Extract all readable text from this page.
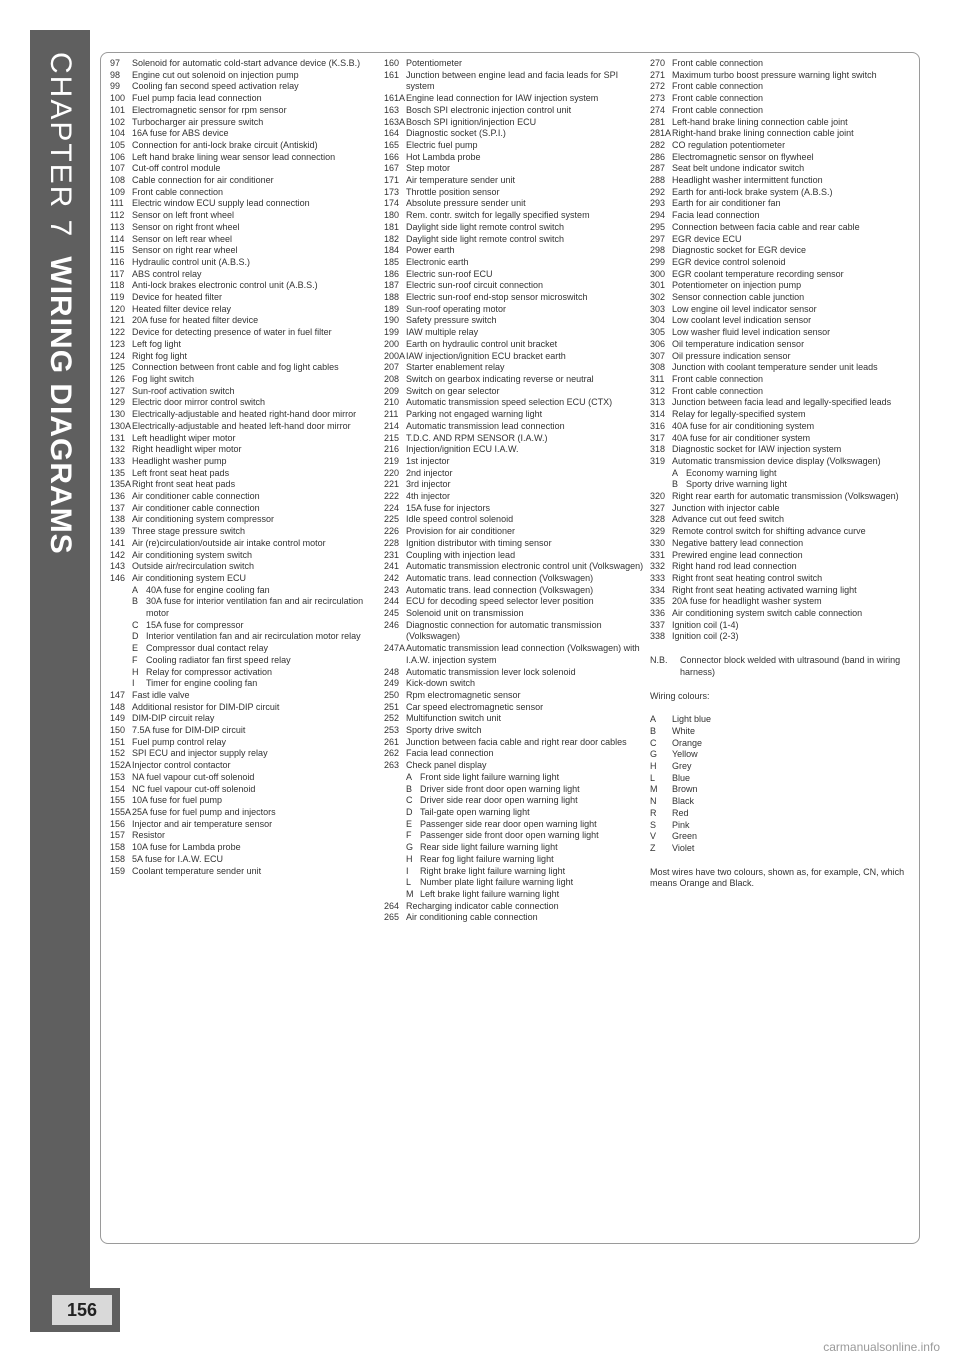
CHAPTER 7WIRING DIAGRAMS
97	Solenoid for automatic cold-start advance device (K.S.B.)
98	Engine cut out solenoid on injection pump
99	Cooling fan second speed activation relay
100 Fuel pump facia lead connection
101 Electromagnetic sensor for rpm sensor
102 Turbocharger air pressure switch
104 16A fuse for ABS device
105 Connection for anti-lock brake circuit (Antiskid)
106 Left hand brake lining wear sensor lead connection
107 Cut-off control module
108 Cable connection for air conditioner
109 Front cable connection
111 Electric window ECU supply lead connection
112 Sensor on left front wheel
113 Sensor on right front wheel
114 Sensor on left rear wheel
115 Sensor on right rear wheel
116 Hydraulic control unit (A.B.S.)
117 ABS control relay
118 Anti-lock brakes electronic control unit (A.B.S.)
119 Device for heated filter
120 Heated filter device relay
121 20A fuse for heated filter device
122 Device for detecting presence of water in fuel filter
123 Left fog light
124 Right fog light
125 Connection between front cable and fog light cables
126 Fog light switch
127 Sun-roof activation switch
129 Electric door mirror control switch
130 Electrically-adjustable and heated right-hand door mirror
130A Electrically-adjustable and heated left-hand door mirror
131 Left headlight wiper motor
132 Right headlight wiper motor
133 Headlight washer pump
135 Left front seat heat pads
135A Right front seat heat pads
136 Air conditioner cable connection
137 Air conditioner cable connection
138 Air conditioning system compressor
139 Three stage pressure switch
141 Air (re)circulation/outside air intake control motor
142 Air conditioning system switch
143 Outside air/recirculation switch
146 Air conditioning system ECU
A 40A fuse for engine cooling fan
B 30A fuse for interior ventilation fan and air recirculation motor
C 15A fuse for compressor
D Interior ventilation fan and air recirculation motor relay
E Compressor dual contact relay
F Cooling radiator fan first speed relay
H Relay for compressor activation
I	Timer for engine cooling fan
147 Fast idle valve
148 Additional resistor for DIM-DIP circuit
149 DIM-DIP circuit relay
150 7.5A fuse for DIM-DIP circuit
151 Fuel pump control relay
152 SPI ECU and injector supply relay
152A Injector control contactor
153 NA fuel vapour cut-off solenoid
154 NC fuel vapour cut-off solenoid
155 10A fuse for fuel pump
155A 25A fuse for fuel pump and injectors
156 Injector and air temperature sensor
157 Resistor
158 10A fuse for Lambda probe
158 5A fuse for I.A.W. ECU
159 Coolant temperature sender unit
160 Potentiometer
161 Junction between engine lead and facia leads for SPI system
161A Engine lead connection for IAW injection system
163 Bosch SPI electronic injection control unit
163A Bosch SPI ignition/injection ECU
164 Diagnostic socket (S.P.I.)
165 Electric fuel pump
166 Hot Lambda probe
167 Step motor
171 Air temperature sender unit
173 Throttle position sensor
174 Absolute pressure sender unit
180 Rem. contr. switch for legally specified system
181 Daylight side light remote control switch
182 Daylight side light remote control switch
184 Power earth
185 Electronic earth
186 Electric sun-roof ECU
187 Electric sun-roof circuit connection
188 Electric sun-roof end-stop sensor microswitch
189 Sun-roof operating motor
190 Safety pressure switch
199 IAW multiple relay
200 Earth on hydraulic control unit bracket
200A IAW injection/ignition ECU bracket earth
207 Starter enablement relay
208 Switch on gearbox indicating reverse or neutral
209 Switch on gear selector
210 Automatic transmission speed selection ECU (CTX)
211 Parking not engaged warning light
214 Automatic transmission lead connection
215 T.D.C. AND RPM SENSOR (I.A.W.)
216 Injection/ignition ECU I.A.W.
219 1st injector
220 2nd injector
221 3rd injector
222 4th injector
224 15A fuse for injectors
225 Idle speed control solenoid
226 Provision for air conditioner
228 Ignition distributor with timing sensor
231 Coupling with injection lead
241 Automatic transmission electronic control unit (Volkswagen)
242 Automatic trans. lead connection (Volkswagen)
243 Automatic trans. lead connection (Volkswagen)
244 ECU for decoding speed selector lever position
245 Solenoid unit on transmission
246 Diagnostic connection for automatic transmission (Volkswagen)
247A Automatic transmission lead connection (Volkswagen) with I.A.W. injection system
248 Automatic transmission lever lock solenoid
249 Kick-down switch
250 Rpm electromagnetic sensor
251 Car speed electromagnetic sensor
252 Multifunction switch unit
253 Sporty drive switch
261 Junction between facia cable and right rear door cables
262 Facia lead connection
263 Check panel display
A Front side light failure warning light
B Driver side front door open warning light
C Driver side rear door open warning light
D Tail-gate open warning light
E Passenger side rear door open warning light
F Passenger side front door open warning light
G Rear side light failure warning light
H Rear fog light failure warning light
I	Right brake light failure warning light
L Number plate light failure warning light
M Left brake light failure warning light
264 Recharging indicator cable connection
265 Air conditioning cable connection
270 Front cable connection
271 Maximum turbo boost pressure warning light switch
272 Front cable connection
273 Front cable connection
274 Front cable connection
281 Left-hand brake lining connection cable joint
281A Right-hand brake lining connection cable joint
282 CO regulation potentiometer
286 Electromagnetic sensor on flywheel
287 Seat belt undone indicator switch
288 Headlight washer intermittent function
292 Earth for anti-lock brake system (A.B.S.)
293 Earth for air conditioner fan
294 Facia lead connection
295 Connection between facia cable and rear cable
297 EGR device ECU
298 Diagnostic socket for EGR device
299 EGR device control solenoid
300 EGR coolant temperature recording sensor
301 Potentiometer on injection pump
302 Sensor connection cable junction
303 Low engine oil level indicator sensor
304 Low coolant level indication sensor
305 Low washer fluid level indication sensor
306 Oil temperature indication sensor
307 Oil pressure indication sensor
308 Junction with coolant temperature sender unit leads
311 Front cable connection
312 Front cable connection
313 Junction between facia lead and legally-specified leads
314 Relay for legally-specified system
316 40A fuse for air conditioning system
317 40A fuse for air conditioner system
318 Diagnostic socket for IAW injection system
319 Automatic transmission device display (Volkswagen)
A Economy warning light
B Sporty drive warning light
320 Right rear earth for automatic transmission (Volkswagen)
327 Junction with injector cable
328 Advance cut out feed switch
329 Remote control switch for shifting advance curve
330 Negative battery lead connection
331 Prewired engine lead connection
332 Right hand rod lead connection
333 Right front seat heating control switch
334 Right front seat heating activated warning light
335 20A fuse for headlight washer system
336 Air conditioning system switch cable connection
337 Ignition coil (1-4)
338 Ignition coil (2-3)
N.B.	Connector block welded with ultrasound (band in wiring harness)
Wiring colours:
A	Light blue
B	White
C	Orange
G	Yellow
H	Grey
L	Blue
M	Brown
N	Black
R	Red
S	Pink
V	Green
Z	Violet
Most wires have two colours, shown as, for example, CN, which means Orange and Black.
156
carmanualsonline.info
